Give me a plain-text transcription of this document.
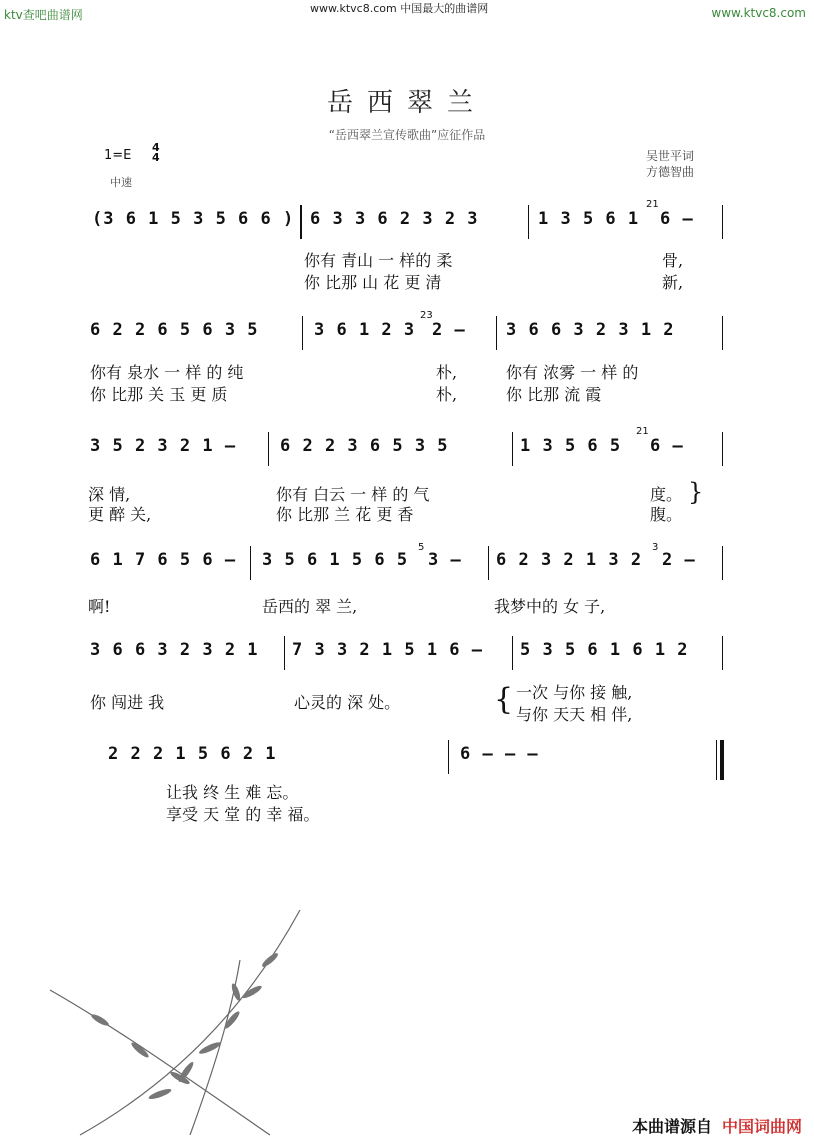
ktv查吧曲谱网	www.ktvc8.com 中国最大的曲谱网	www.ktvc8.com
岳西翠兰
“岳西翠兰宣传歌曲”应征作品
1=E
4
4
中速
吴世平词
方德智曲
(3 6 1 5 3 5 6 6 ) 6 3 3 6 2 3 2 3	1 3 5 6 1
21
6 –
你有 青山 一 样的 柔	骨,
你 比那 山 花 更 清	新,
6 2 2 6 5 6 3 5	3 6 1 2 3
23
2 – 3 6 6 3 2 3 1 2
你有 泉水 一 样 的 纯	朴,	你有 浓雾 一 样 的
你 比那 关 玉 更 质	朴,	你 比那 流 霞
3 5 2 3 2 1 –	6 2 2 3 6 5 3 5	1 3 5 6 5
21
6 –
深 情,	你有 白云 一 样 的 气	度。
更 醉 关,	你 比那 兰 花 更 香	腹。
}
6 1 7 6 5 6 – 3 5 6 1 5 6 5
5
3 – 6 2 3 2 1 3 2
3
2 –
啊!	岳西的 翠 兰,	我梦中的 女 子,
3 6 6 3 2 3 2 1 7 3 3 2 1 5 1 6 – 5 3 5 6 1 6 1 2
你 闯进 我	心灵的 深 处。	{ 一次 与你 接 触,
与你 天天 相 伴,
2 2 2 1 5 6 2 1	6 – – –
让我 终 生 难 忘。
享受 天 堂 的 幸 福。
本曲谱源自 中国词曲网
